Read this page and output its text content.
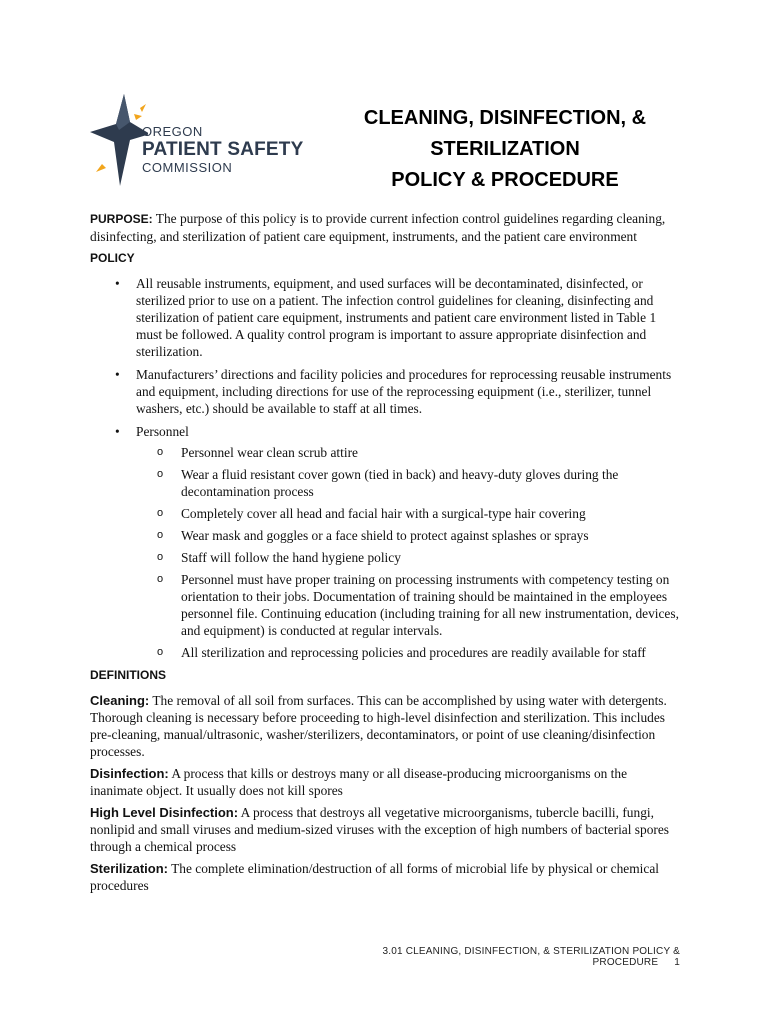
OREGON
PATIENT SAFETY
COMMISSION
CLEANING, DISINFECTION, &
STERILIZATION
POLICY & PROCEDURE

PURPOSE: The purpose of this policy is to provide current infection control guidelines regarding cleaning, disinfecting, and sterilization of patient care equipment, instruments, and the patient care environment

POLICY
• All reusable instruments, equipment, and used surfaces will be decontaminated, disinfected, or sterilized prior to use on a patient. The infection control guidelines for cleaning, disinfecting and sterilization of patient care equipment, instruments and patient care environment listed in Table 1 must be followed. A quality control program is important to assure appropriate disinfection and sterilization.
• Manufacturers’ directions and facility policies and procedures for reprocessing reusable instruments and equipment, including directions for use of the reprocessing equipment (i.e., sterilizer, tunnel washers, etc.) should be available to staff at all times.
• Personnel
o Personnel wear clean scrub attire
o Wear a fluid resistant cover gown (tied in back) and heavy-duty gloves during the decontamination process
o Completely cover all head and facial hair with a surgical-type hair covering
o Wear mask and goggles or a face shield to protect against splashes or sprays
o Staff will follow the hand hygiene policy
o Personnel must have proper training on processing instruments with competency testing on orientation to their jobs. Documentation of training should be maintained in the employees personnel file. Continuing education (including training for all new instrumentation, devices, and equipment) is conducted at regular intervals.
o All sterilization and reprocessing policies and procedures are readily available for staff
DEFINITIONS

Cleaning: The removal of all soil from surfaces. This can be accomplished by using water with detergents. Thorough cleaning is necessary before proceeding to high-level disinfection and sterilization. This includes pre-cleaning, manual/ultrasonic, washer/sterilizers, decontaminators, or point of use cleaning/disinfection processes.

Disinfection: A process that kills or destroys many or all disease-producing microorganisms on the inanimate object. It usually does not kill spores

High Level Disinfection: A process that destroys all vegetative microorganisms, tubercle bacilli, fungi, nonlipid and small viruses and medium-sized viruses with the exception of high numbers of bacterial spores through a chemical process

Sterilization: The complete elimination/destruction of all forms of microbial life by physical or chemical procedures

3.01 CLEANING, DISINFECTION, & STERILIZATION POLICY & PROCEDURE 1
